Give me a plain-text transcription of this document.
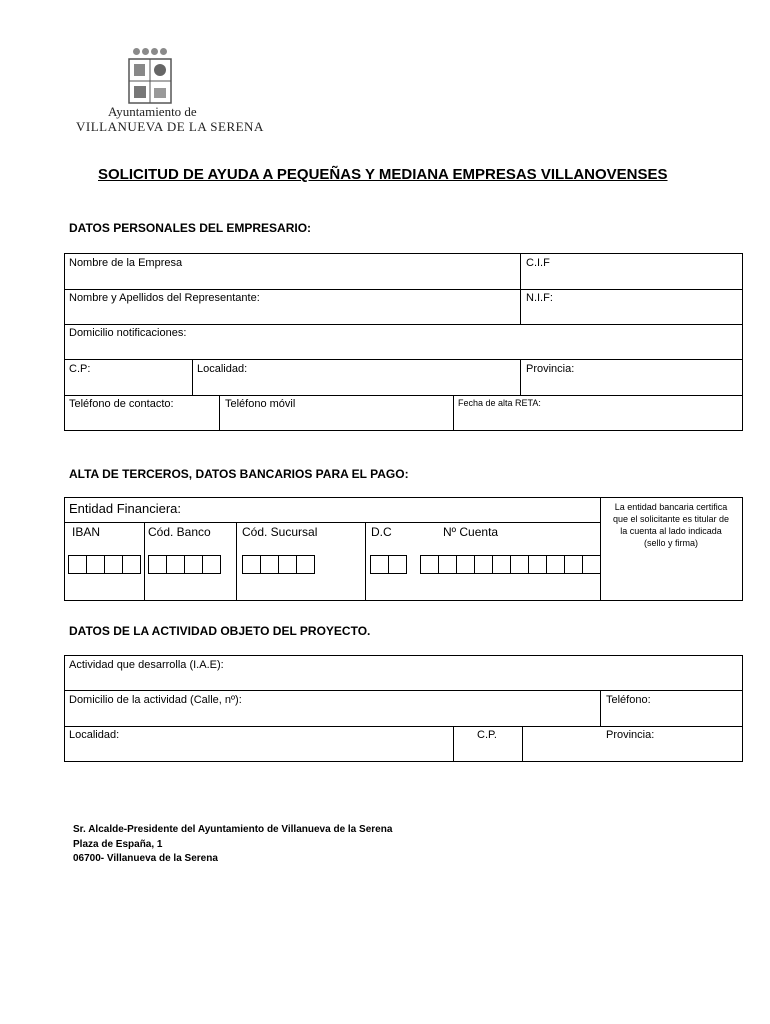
Ayuntamiento de
VILLANUEVA DE LA SERENA
SOLICITUD DE AYUDA A PEQUEÑAS Y MEDIANA EMPRESAS VILLANOVENSES
DATOS PERSONALES DEL EMPRESARIO:
Nombre de la Empresa	C.I.F
Nombre y Apellidos del Representante:	N.I.F:
Domicilio notificaciones:
C.P:	Localidad:	Provincia:
Teléfono de contacto:	Teléfono móvil	Fecha de alta RETA:
ALTA DE TERCEROS, DATOS BANCARIOS PARA EL PAGO:
Entidad Financiera:
IBAN	Cód. Banco	Cód. Sucursal	D.C	Nº Cuenta
La entidad bancaria certifica
que el solicitante es titular de
la cuenta al lado indicada
(sello y firma)
DATOS DE LA ACTIVIDAD OBJETO DEL PROYECTO.
Actividad que desarrolla (I.A.E):
Domicilio de la actividad (Calle, nº):	Teléfono:
Localidad:	C.P.	Provincia:
Sr. Alcalde-Presidente del Ayuntamiento de Villanueva de la Serena
Plaza de España, 1
06700- Villanueva de la Serena
